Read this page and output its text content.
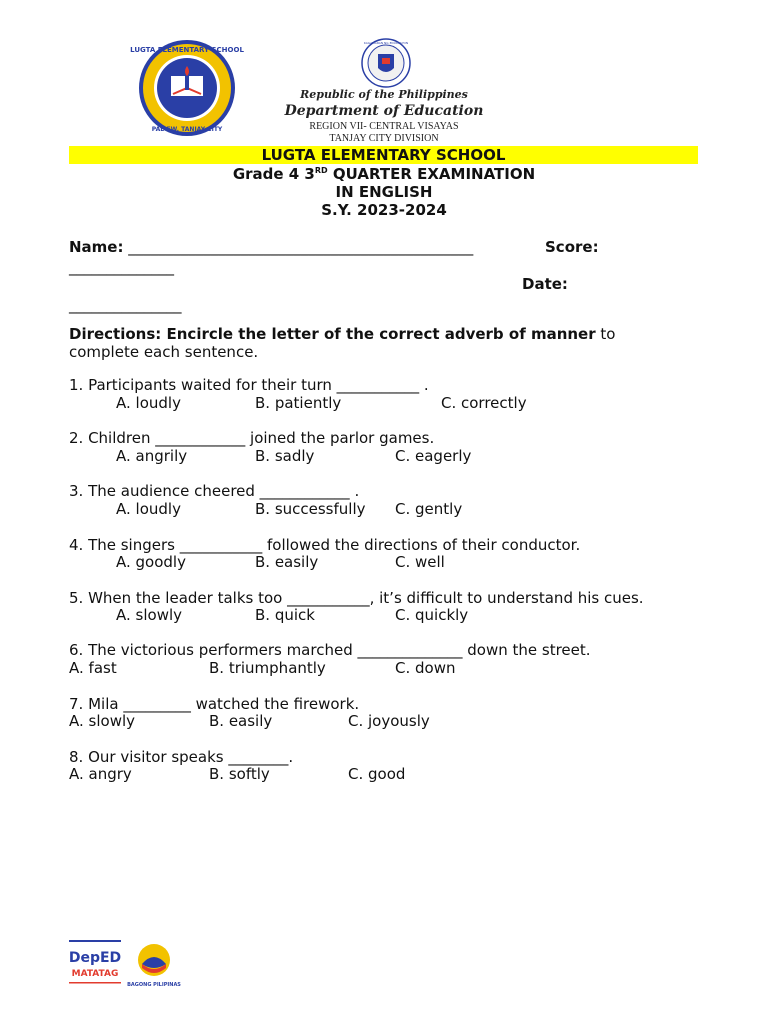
LUGTA ELEMENTARY SCHOOL
PAL-EW, TANJAY CITY
KAGAWARAN NG EDUKASYON
Republic of the Philippines
Department of Education
REGION VII- CENTRAL VISAYAS
TANJAY CITY DIVISION
LUGTA ELEMENTARY SCHOOL
Grade 4 3RD QUARTER EXAMINATION
IN ENGLISH
S.Y. 2023-2024
Name: ______________________________________________	Score:
______________
Date:
_______________
Directions: Encircle the letter of the correct adverb of manner to complete each sentence.
1. Participants waited for their turn ___________ .
A. loudly	B. patiently	C. correctly
2. Children ____________ joined the parlor games.
A. angrily	B. sadly	C. eagerly
3. The audience cheered ____________ .
A. loudly	B. successfully C. gently
4. The singers ___________ followed the directions of their conductor.
A. goodly	B. easily	C. well
5. When the leader talks too ___________, it’s difficult to understand his cues.
A. slowly	B. quick	C. quickly
6. The victorious performers marched ______________ down the street.
A. fast	B. triumphantly	C. down
7. Mila _________ watched the firework.
A. slowly	B. easily	C. joyously
8. Our visitor speaks ________.
A. angry	B. softly	C. good
DepED
MATATAG
BAGONG PILIPINAS
